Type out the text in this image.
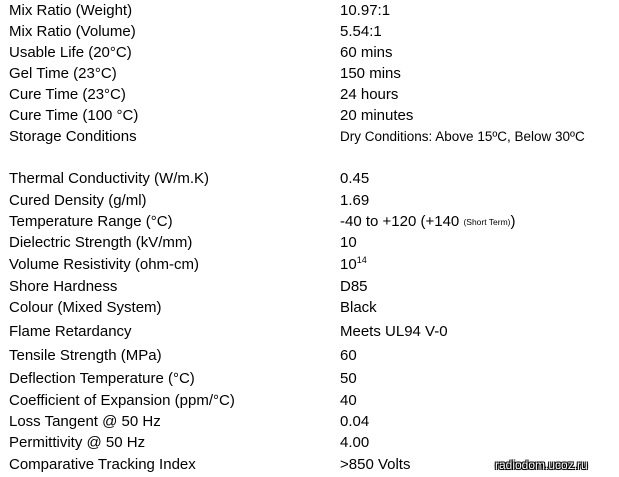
Mix Ratio (Weight)	10.97:1
Mix Ratio (Volume)	5.54:1
Usable Life (20°C)	60 mins
Gel Time (23°C)	150 mins
Cure Time (23°C)	24 hours
Cure Time (100 °C)	20 minutes
Storage Conditions	Dry Conditions: Above 15ºC, Below 30ºC
Thermal Conductivity (W/m.K)	0.45
Cured Density (g/ml)	1.69
Temperature Range (°C)	-40 to +120 (+140 (Short Term))
Dielectric Strength (kV/mm)	10
Volume Resistivity (ohm-cm)	$10^{14}$
Shore Hardness	D85
Colour (Mixed System)	Black
Flame Retardancy	Meets UL94 V-0
Tensile Strength (MPa)	60
Deflection Temperature (°C)	50
Coefficient of Expansion (ppm/°C)	40
Loss Tangent @ 50 Hz	0.04
Permittivity @ 50 Hz	4.00
Comparative Tracking Index	>850 Volts	radiodom.ucoz.ru
